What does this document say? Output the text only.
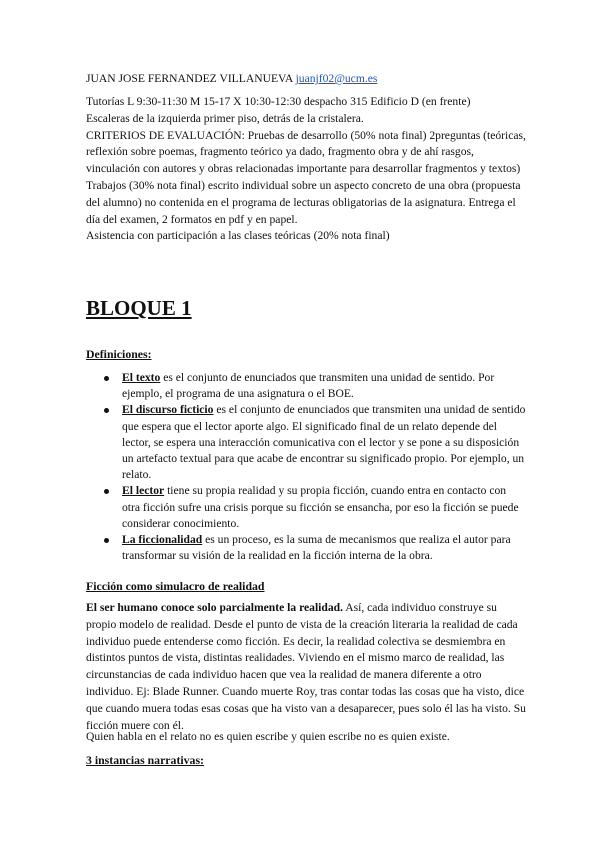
JUAN JOSE FERNANDEZ VILLANUEVA juanjf02@ucm.es

Tutorías L 9:30-11:30 M 15-17 X 10:30-12:30 despacho 315 Edificio D (en frente)

Escaleras de la izquierda primer piso, detrás de la cristalera.

CRITERIOS DE EVALUACIÓN: Pruebas de desarrollo (50% nota final) 2preguntas (teóricas, reflexión sobre poemas, fragmento teórico ya dado, fragmento obra y de ahí rasgos, vinculación con autores y obras relacionadas importante para desarrollar fragmentos y textos)

Trabajos (30% nota final) escrito individual sobre un aspecto concreto de una obra (propuesta del alumno) no contenida en el programa de lecturas obligatorias de la asignatura. Entrega el día del examen, 2 formatos en pdf y en papel.

Asistencia con participación a las clases teóricas (20% nota final)

BLOQUE 1
Definiciones:
El texto es el conjunto de enunciados que transmiten una unidad de sentido. Por ejemplo, el programa de una asignatura o el BOE.
El discurso ficticio es el conjunto de enunciados que transmiten una unidad de sentido que espera que el lector aporte algo. El significado final de un relato depende del lector, se espera una interacción comunicativa con el lector y se pone a su disposición un artefacto textual para que acabe de encontrar su significado propio. Por ejemplo, un relato.
El lector tiene su propia realidad y su propia ficción, cuando entra en contacto con otra ficción sufre una crisis porque su ficción se ensancha, por eso la ficción se puede considerar conocimiento.
La ficcionalidad es un proceso, es la suma de mecanismos que realiza el autor para transformar su visión de la realidad en la ficción interna de la obra.
Ficción como simulacro de realidad

El ser humano conoce solo parcialmente la realidad. Así, cada individuo construye su propio modelo de realidad. Desde el punto de vista de la creación literaria la realidad de cada individuo puede entenderse como ficción. Es decir, la realidad colectiva se desmiembra en distintos puntos de vista, distintas realidades. Viviendo en el mismo marco de realidad, las circunstancias de cada individuo hacen que vea la realidad de manera diferente a otro individuo. Ej: Blade Runner. Cuando muerte Roy, tras contar todas las cosas que ha visto, dice que cuando muera todas esas cosas que ha visto van a desaparecer, pues solo él las ha visto. Su ficción muere con él.

Quien habla en el relato no es quien escribe y quien escribe no es quien existe.
3 instancias narrativas:
